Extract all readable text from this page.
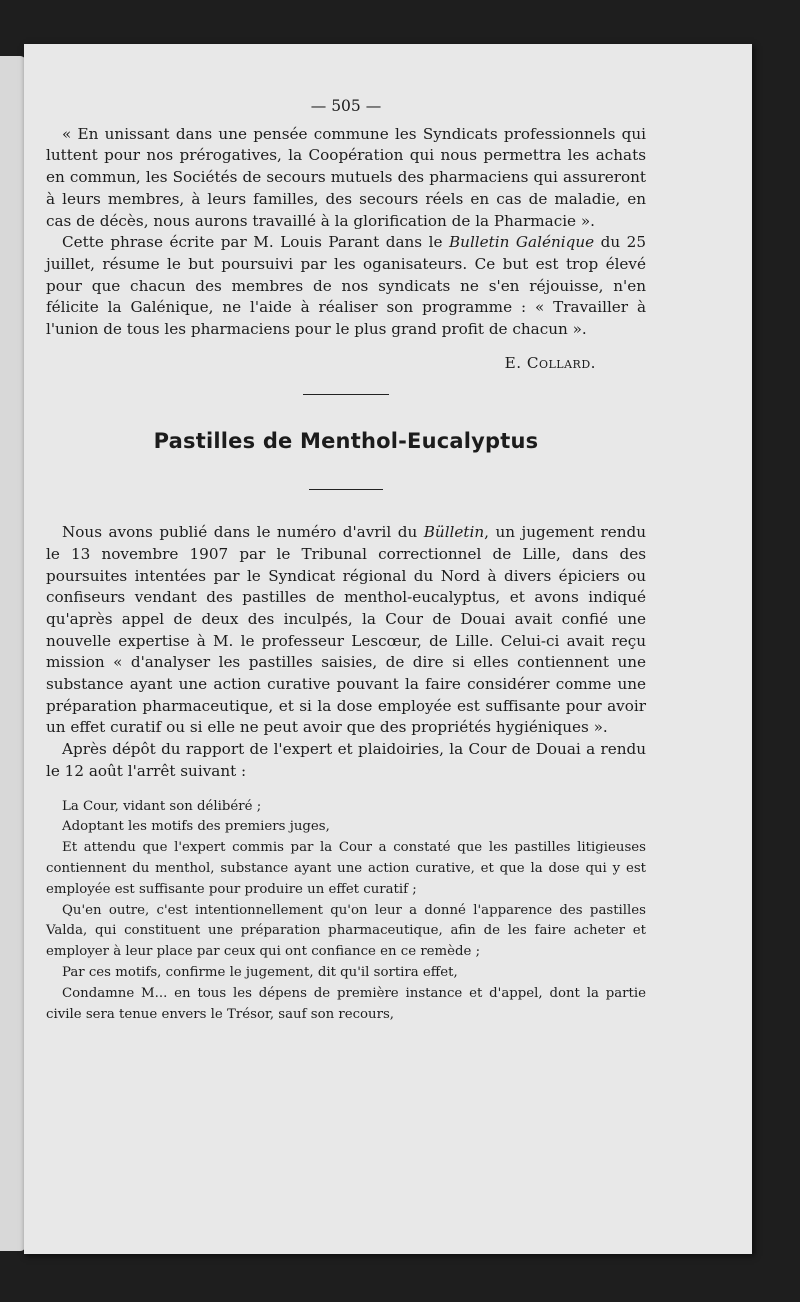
— 505 —

« En unissant dans une pensée commune les Syndicats professionnels qui luttent pour nos prérogatives, la Coopération qui nous permettra les achats en commun, les Sociétés de secours mutuels des pharmaciens qui assureront à leurs membres, à leurs familles, des secours réels en cas de maladie, en cas de décès, nous aurons travaillé à la glorification de la Pharmacie ».

Cette phrase écrite par M. Louis Parant dans le Bulletin Galénique du 25 juillet, résume le but poursuivi par les oganisateurs. Ce but est trop élevé pour que chacun des membres de nos syndicats ne s'en réjouisse, n'en félicite la Galénique, ne l'aide à réaliser son programme : « Travailler à l'union de tous les pharmaciens pour le plus grand profit de chacun ».

E. Collard.
Pastilles de Menthol-Eucalyptus

Nous avons publié dans le numéro d'avril du Bülletin, un jugement rendu le 13 novembre 1907 par le Tribunal correctionnel de Lille, dans des poursuites intentées par le Syndicat régional du Nord à divers épiciers ou confiseurs vendant des pastilles de menthol-eucalyptus, et avons indiqué qu'après appel de deux des inculpés, la Cour de Douai avait confié une nouvelle expertise à M. le professeur Lescœur, de Lille. Celui-ci avait reçu mission « d'analyser les pastilles saisies, de dire si elles contiennent une substance ayant une action curative pouvant la faire considérer comme une préparation pharmaceutique, et si la dose employée est suffisante pour avoir un effet curatif ou si elle ne peut avoir que des propriétés hygiéniques ».

Après dépôt du rapport de l'expert et plaidoiries, la Cour de Douai a rendu le 12 août l'arrêt suivant :

La Cour, vidant son délibéré ;

Adoptant les motifs des premiers juges,

Et attendu que l'expert commis par la Cour a constaté que les pastilles litigieuses contiennent du menthol, substance ayant une action curative, et que la dose qui y est employée est suffisante pour produire un effet curatif ;

Qu'en outre, c'est intentionnellement qu'on leur a donné l'apparence des pastilles Valda, qui constituent une préparation pharmaceutique, afin de les faire acheter et employer à leur place par ceux qui ont confiance en ce remède ;

Par ces motifs, confirme le jugement, dit qu'il sortira effet,

Condamne M... en tous les dépens de première instance et d'appel, dont la partie civile sera tenue envers le Trésor, sauf son recours,
